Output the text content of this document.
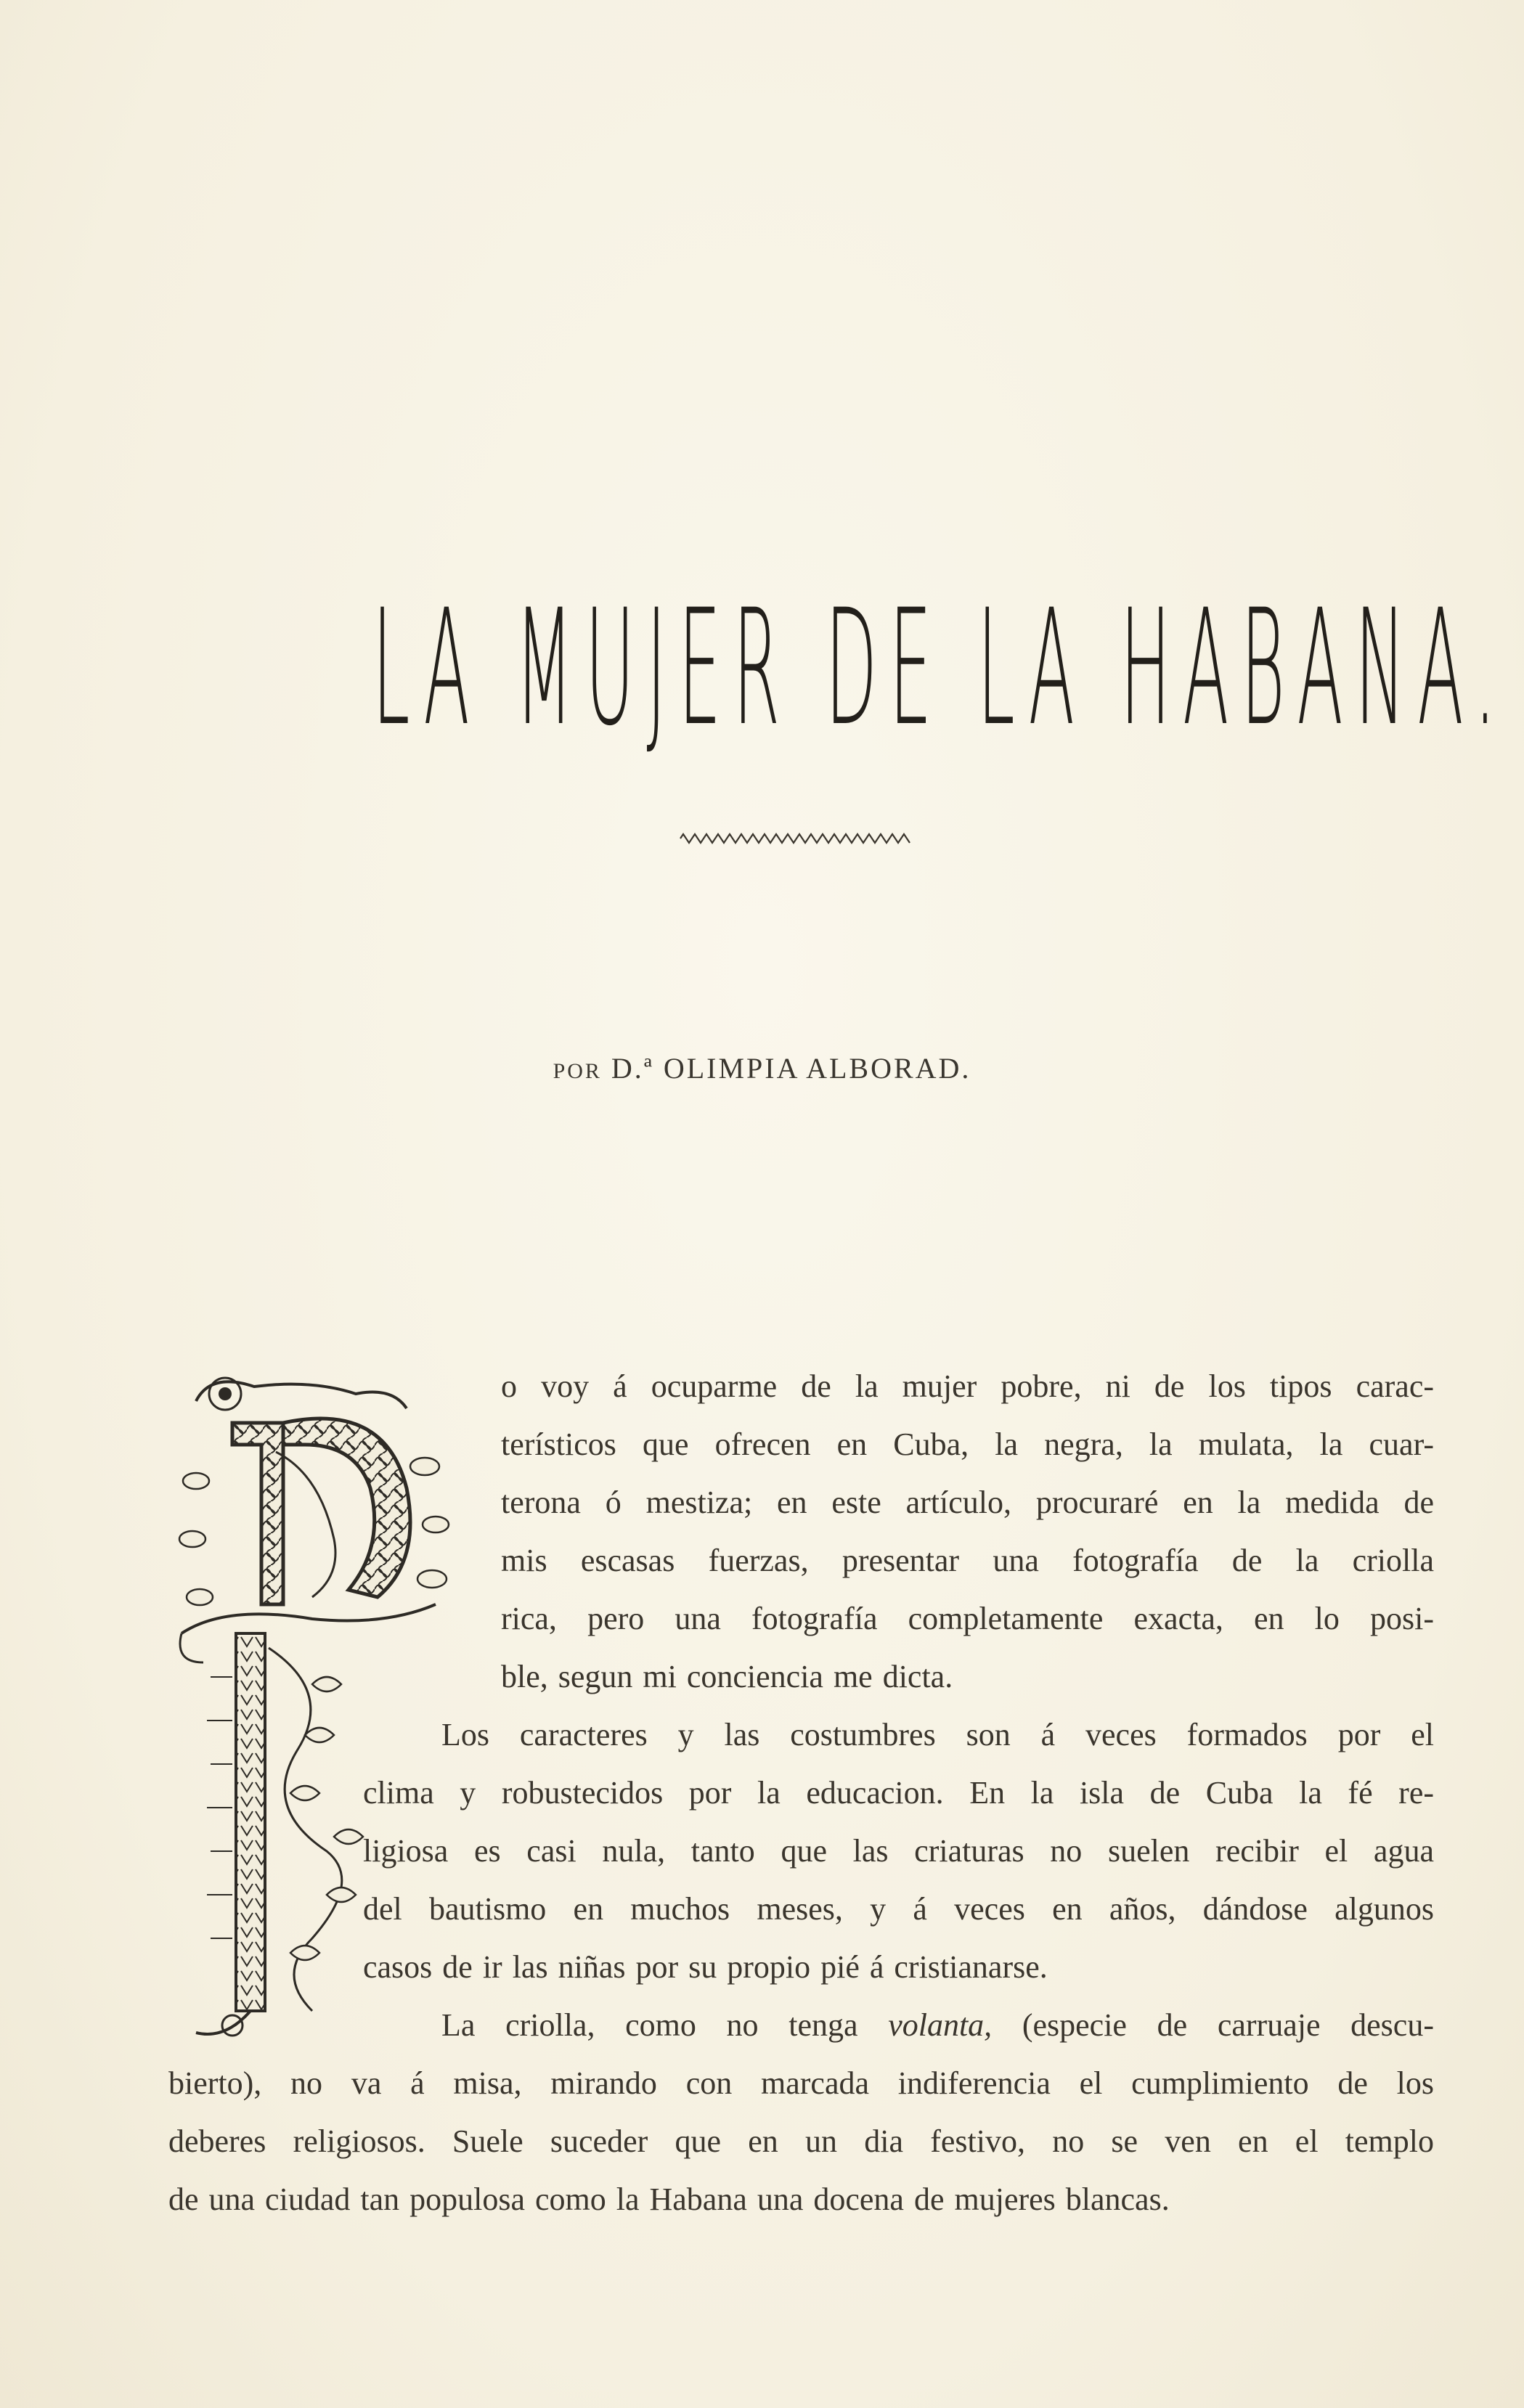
LA MUJER DE LA HABANA.
POR D.ª OLIMPIA ALBORAD.
o voy á ocuparme de la mujer pobre, ni de los tipos carac-
terísticos que ofrecen en Cuba, la negra, la mulata, la cuar-
terona ó mestiza; en este artículo, procuraré en la medida de
mis escasas fuerzas, presentar una fotografía de la criolla
rica, pero una fotografía completamente exacta, en lo posi-
ble, segun mi conciencia me dicta.
Los caracteres y las costumbres son á veces formados por el
clima y robustecidos por la educacion. En la isla de Cuba la fé re-
ligiosa es casi nula, tanto que las criaturas no suelen recibir el agua
del bautismo en muchos meses, y á veces en años, dándose algunos
casos de ir las niñas por su propio pié á cristianarse.
La criolla, como no tenga volanta, (especie de carruaje descu-
bierto), no va á misa, mirando con marcada indiferencia el cumplimiento de los
deberes religiosos. Suele suceder que en un dia festivo, no se ven en el templo
de una ciudad tan populosa como la Habana una docena de mujeres blancas.
